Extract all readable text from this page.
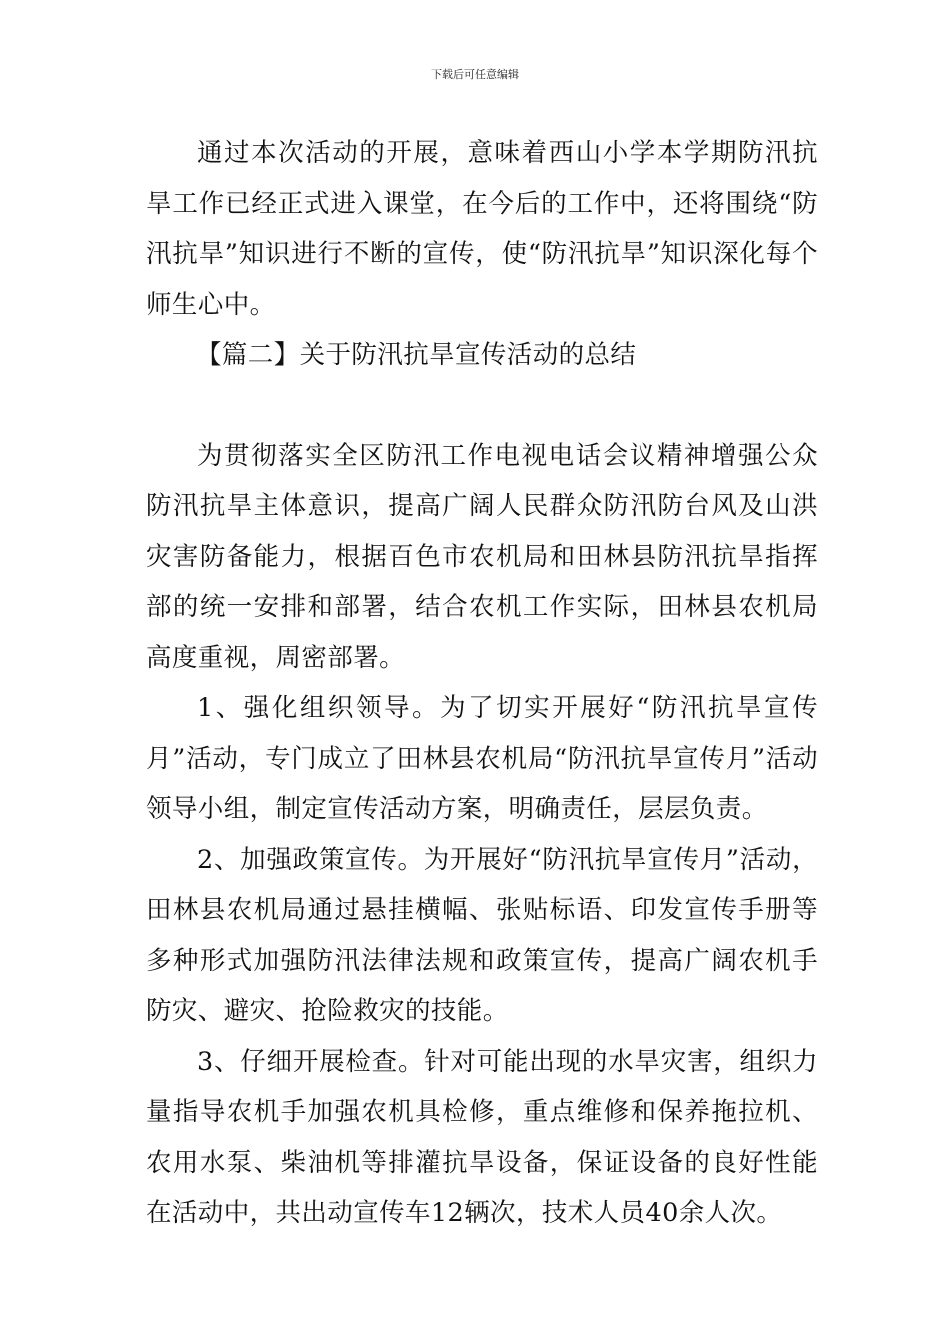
下载后可任意编辑

通过本次活动的开展，意味着西山小学本学期防汛抗旱工作已经正式进入课堂，在今后的工作中，还将围绕“防汛抗旱”知识进行不断的宣传，使“防汛抗旱”知识深化每个师生心中。

【篇二】关于防汛抗旱宣传活动的总结

为贯彻落实全区防汛工作电视电话会议精神增强公众防汛抗旱主体意识，提高广阔人民群众防汛防台风及山洪灾害防备能力，根据百色市农机局和田林县防汛抗旱指挥部的统一安排和部署，结合农机工作实际，田林县农机局高度重视，周密部署。

1、强化组织领导。为了切实开展好“防汛抗旱宣传月”活动，专门成立了田林县农机局“防汛抗旱宣传月”活动领导小组，制定宣传活动方案，明确责任，层层负责。

2、加强政策宣传。为开展好“防汛抗旱宣传月”活动，田林县农机局通过悬挂横幅、张贴标语、印发宣传手册等多种形式加强防汛法律法规和政策宣传，提高广阔农机手防灾、避灾、抢险救灾的技能。

3、仔细开展检查。针对可能出现的水旱灾害，组织力量指导农机手加强农机具检修，重点维修和保养拖拉机、农用水泵、柴油机等排灌抗旱设备，保证设备的良好性能在活动中，共出动宣传车12辆次，技术人员40余人次。
